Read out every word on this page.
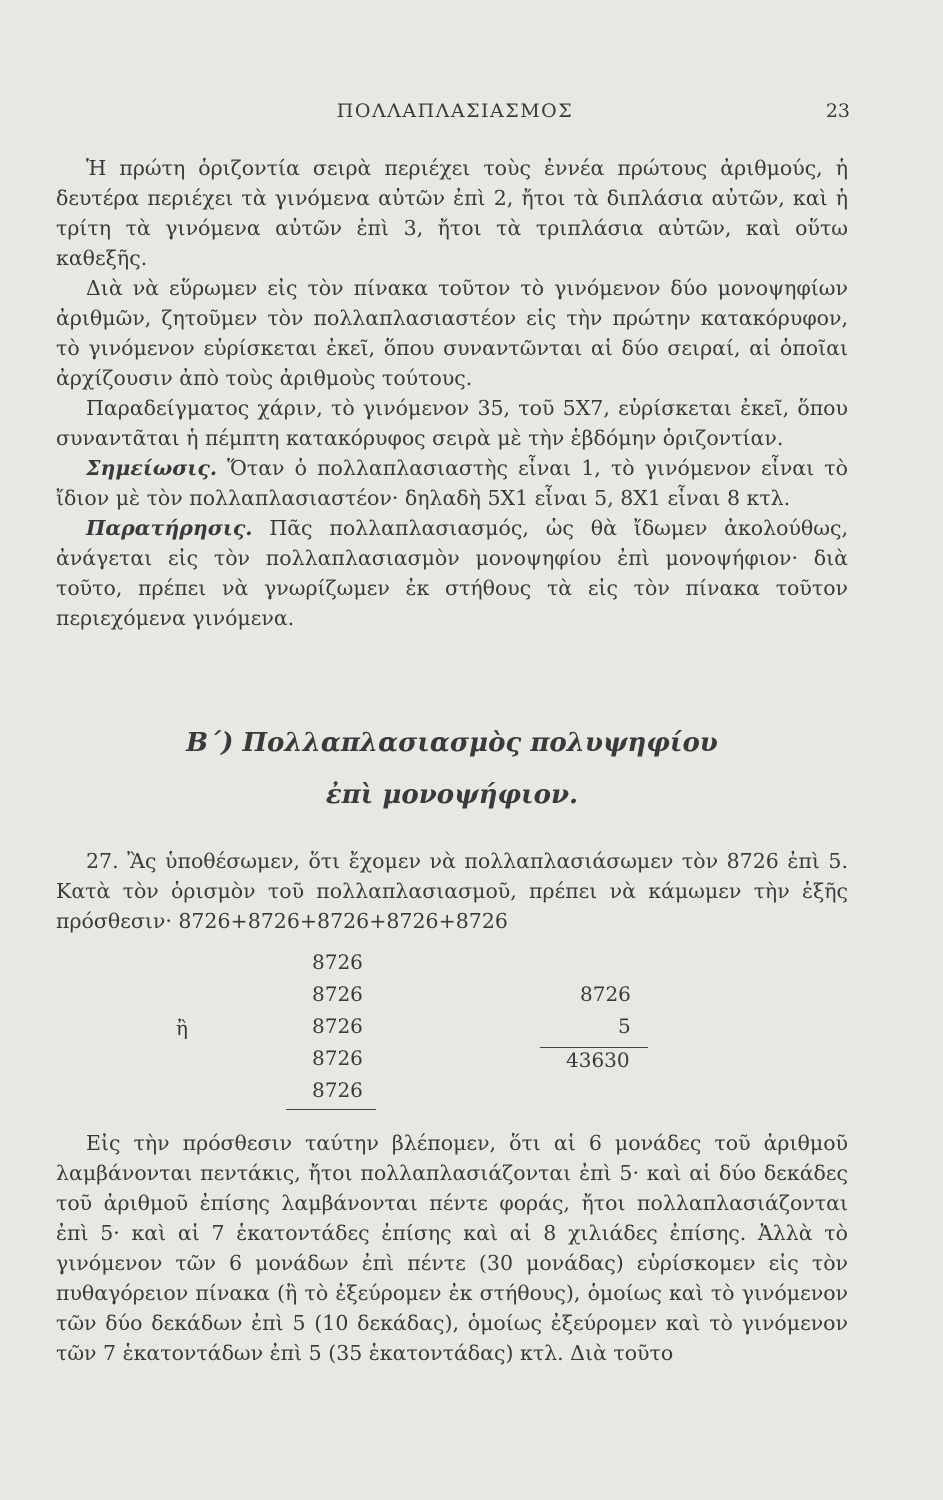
ΠΟΛΛΑΠΛΑΣΙΑΣΜΟΣ	23

Ἡ πρώτη ὁριζοντία σειρὰ περιέχει τοὺς ἐννέα πρώτους ἀριθμούς, ἡ δευτέρα περιέχει τὰ γινόμενα αὐτῶν ἐπὶ 2, ἤτοι τὰ διπλάσια αὐτῶν, καὶ ἡ τρίτη τὰ γινόμενα αὐτῶν ἐπὶ 3, ἤτοι τὰ τριπλάσια αὐτῶν, καὶ οὕτω καθεξῆς.

Διὰ νὰ εὕρωμεν εἰς τὸν πίνακα τοῦτον τὸ γινόμενον δύο μονοψηφίων ἀριθμῶν, ζητοῦμεν τὸν πολλαπλασιαστέον εἰς τὴν πρώτην κατακόρυφον, τὸ γινόμενον εὑρίσκεται ἐκεῖ, ὅπου συναντῶνται αἱ δύο σειραί, αἱ ὁποῖαι ἀρχίζουσιν ἀπὸ τοὺς ἀριθμοὺς τούτους.

Παραδείγματος χάριν, τὸ γινόμενον 35, τοῦ 5Χ7, εὑρίσκεται ἐκεῖ, ὅπου συναντᾶται ἡ πέμπτη κατακόρυφος σειρὰ μὲ τὴν ἑβδόμην ὁριζοντίαν.

Σημείωσις. Ὅταν ὁ πολλαπλασιαστὴς εἶναι 1, τὸ γινόμενον εἶναι τὸ ἴδιον μὲ τὸν πολλαπλασιαστέον· δηλαδὴ 5Χ1 εἶναι 5, 8Χ1 εἶναι 8 κτλ.

Παρατήρησις. Πᾶς πολλαπλασιασμός, ὡς θὰ ἴδωμεν ἀκολούθως, ἀνάγεται εἰς τὸν πολλαπλασιασμὸν μονοψηφίου ἐπὶ μονοψήφιον· διὰ τοῦτο, πρέπει νὰ γνωρίζωμεν ἐκ στήθους τὰ εἰς τὸν πίνακα τοῦτον περιεχόμενα γινόμενα.

Β΄) Πολλαπλασιασμὸς πολυψηφίου
ἐπὶ μονοψήφιον.

27. Ἂς ὑποθέσωμεν, ὅτι ἔχομεν νὰ πολλαπλασιάσωμεν τὸν 8726 ἐπὶ 5. Κατὰ τὸν ὁρισμὸν τοῦ πολλαπλασιασμοῦ, πρέπει νὰ κάμωμεν τὴν ἑξῆς πρόσθεσιν· 8726+8726+8726+8726+8726

8726
8726
8726
8726
8726
ἢ
8726
5
43630

Εἰς τὴν πρόσθεσιν ταύτην βλέπομεν, ὅτι αἱ 6 μονάδες τοῦ ἀριθμοῦ λαμβάνονται πεντάκις, ἤτοι πολλαπλασιάζονται ἐπὶ 5· καὶ αἱ δύο δεκάδες τοῦ ἀριθμοῦ ἐπίσης λαμβάνονται πέντε φοράς, ἤτοι πολλαπλασιάζονται ἐπὶ 5· καὶ αἱ 7 ἑκατοντάδες ἐπίσης καὶ αἱ 8 χιλιάδες ἐπίσης. Ἀλλὰ τὸ γινόμενον τῶν 6 μονάδων ἐπὶ πέντε (30 μονάδας) εὑρίσκομεν εἰς τὸν πυθαγόρειον πίνακα (ἢ τὸ ἐξεύρομεν ἐκ στήθους), ὁμοίως καὶ τὸ γινόμενον τῶν δύο δεκάδων ἐπὶ 5 (10 δεκάδας), ὁμοίως ἐξεύρομεν καὶ τὸ γινόμενον τῶν 7 ἑκατοντάδων ἐπὶ 5 (35 ἑκατοντάδας) κτλ. Διὰ τοῦτο
